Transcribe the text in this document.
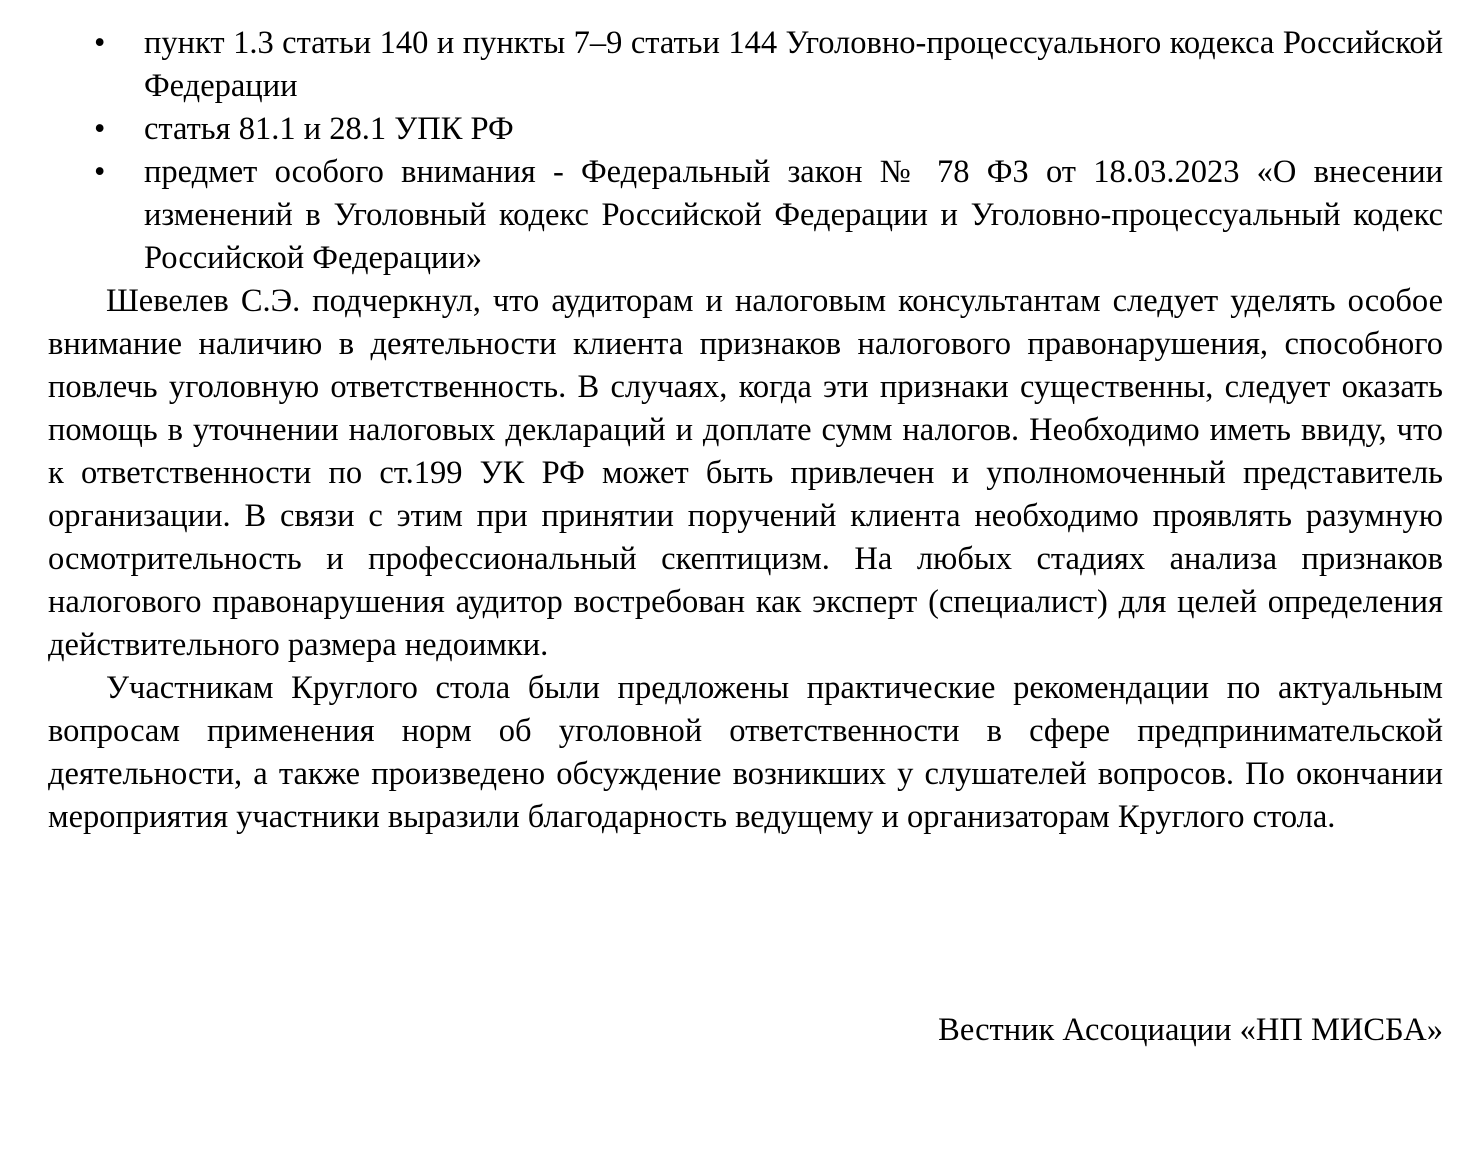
• пункт 1.3 статьи 140 и пункты 7–9 статьи 144 Уголовно-процессуального кодекса Российской Федерации
• статья 81.1 и 28.1 УПК РФ
• предмет особого внимания - Федеральный закон № 78 ФЗ от 18.03.2023 «О внесении изменений в Уголовный кодекс Российской Федерации и Уголовно-процессуальный кодекс Российской Федерации»

Шевелев С.Э. подчеркнул, что аудиторам и налоговым консультантам следует уделять особое внимание наличию в деятельности клиента признаков налогового правонарушения, способного повлечь уголовную ответственность. В случаях, когда эти признаки существенны, следует оказать помощь в уточнении налоговых деклараций и доплате сумм налогов. Необходимо иметь ввиду, что к ответственности по ст.199 УК РФ может быть привлечен и уполномоченный представитель организации. В связи с этим при принятии поручений клиента необходимо проявлять разумную осмотрительность и профессиональный скептицизм. На любых стадиях анализа признаков налогового правонарушения аудитор востребован как эксперт (специалист) для целей определения действительного размера недоимки.

Участникам Круглого стола были предложены практические рекомендации по актуальным вопросам применения норм об уголовной ответственности в сфере предпринимательской деятельности, а также произведено обсуждение возникших у слушателей вопросов. По окончании мероприятия участники выразили благодарность ведущему и организаторам Круглого стола.

Вестник Ассоциации «НП МИСБА»
